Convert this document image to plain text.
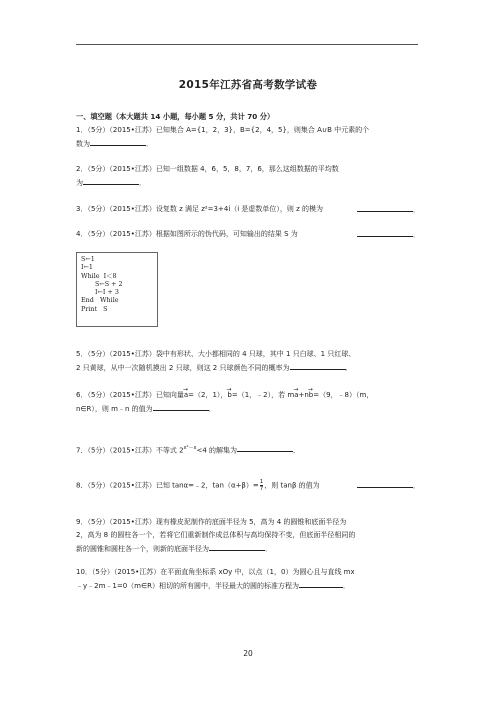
2015年江苏省高考数学试卷
一、填空题（本大题共 14 小题，每小题 5 分，共计 70 分）
1．（5分）（2015•江苏）已知集合 A={1，2，3}，B={2，4，5}，则集合 A∪B 中元素的个
数为	．
2．（5分）（2015•江苏）已知一组数据 4，6，5，8，7，6，那么这组数据的平均数
为	．
3．（5分）（2015•江苏）设复数 z 满足 z²=3+4i（i 是虚数单位），则 z 的模为	．
4．（5分）（2015•江苏）根据如图所示的伪代码，可知输出的结果 S 为	．
S←1
I←1
While  I＜8
S←S + 2
I←I + 3
End   While
Print   S
5．（5分）（2015•江苏）袋中有形状、大小都相同的 4 只球，其中 1 只白球、1 只红球、
2 只黄球，从中一次随机摸出 2 只球，则这 2 只球颜色不同的概率为	．
6．（5分）（2015•江苏）已知向量→ a=（2，1），→ b=（1，﹣2），若 m→ a+n→ b=（9，﹣8）（m，
n∈R），则 m﹣n 的值为	．
7．（5分）（2015•江苏）不等式 $2^{x^2-x}<4$ 的解集为	．
8．（5分）（2015•江苏）已知 tanα=﹣2，$\tan(\alpha+\beta)= \frac{1}{7}$ ，则 tanβ 的值为	．
9．（5分）（2015•江苏）现有橡皮泥制作的底面半径为 5，高为 4 的圆锥和底面半径为
2，高为 8 的圆柱各一个，若将它们重新制作成总体积与高均保持不变，但底面半径相同的
新的圆锥和圆柱各一个，则新的底面半径为	．
10．（5分）（2015•江苏）在平面直角坐标系 xOy 中，以点（1，0）为圆心且与直线 mx
﹣y﹣2m﹣1=0（m∈R）相切的所有圆中，半径最大的圆的标准方程为	．
20
